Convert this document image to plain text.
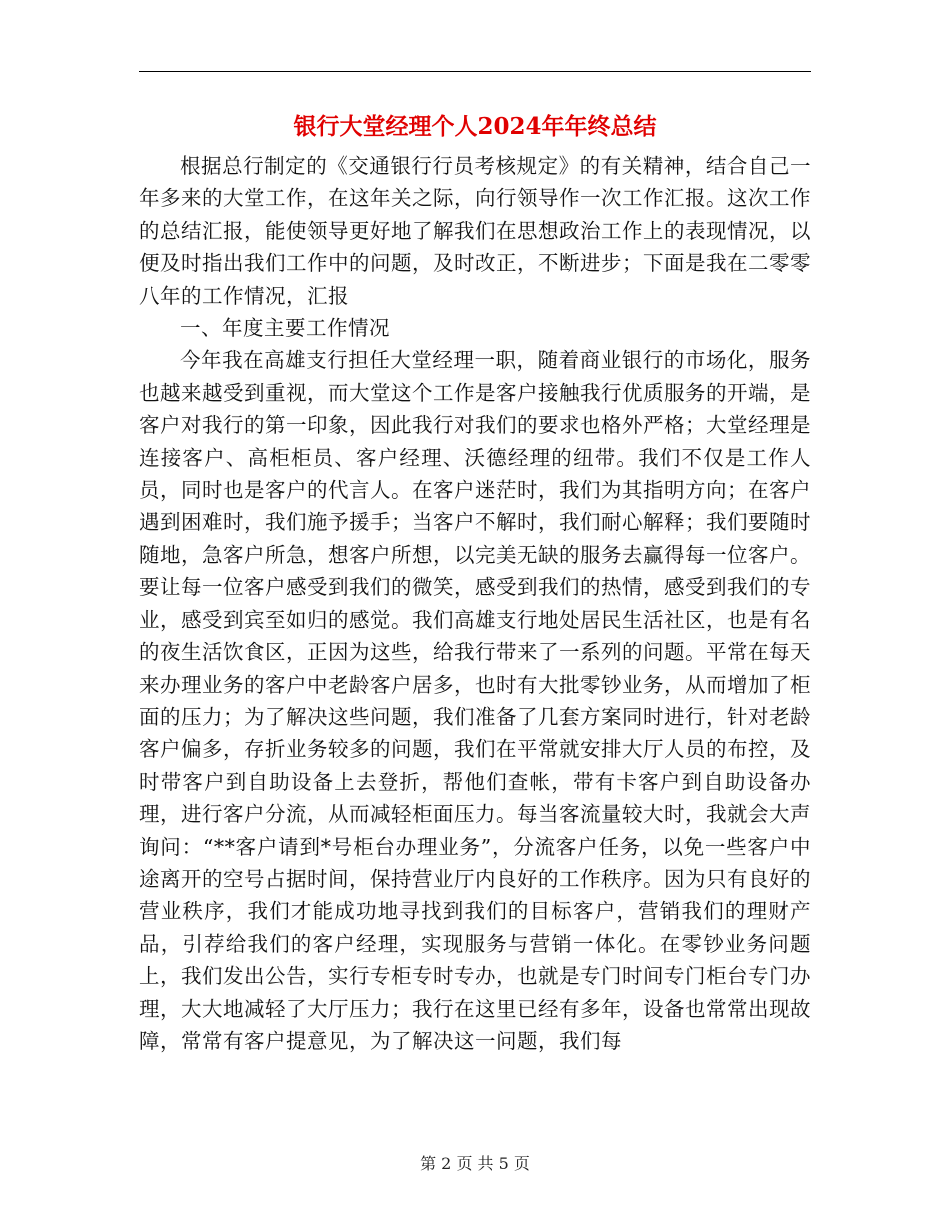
银行大堂经理个人2024年年终总结

根据总行制定的《交通银行行员考核规定》的有关精神，结合自己一年多来的大堂工作，在这年关之际，向行领导作一次工作汇报。这次工作的总结汇报，能使领导更好地了解我们在思想政治工作上的表现情况，以便及时指出我们工作中的问题，及时改正，不断进步；下面是我在二零零八年的工作情况，汇报

一、年度主要工作情况

今年我在高雄支行担任大堂经理一职，随着商业银行的市场化，服务也越来越受到重视，而大堂这个工作是客户接触我行优质服务的开端，是客户对我行的第一印象，因此我行对我们的要求也格外严格；大堂经理是连接客户、高柜柜员、客户经理、沃德经理的纽带。我们不仅是工作人员，同时也是客户的代言人。在客户迷茫时，我们为其指明方向；在客户遇到困难时，我们施予援手；当客户不解时，我们耐心解释；我们要随时随地，急客户所急，想客户所想，以完美无缺的服务去赢得每一位客户。要让每一位客户感受到我们的微笑，感受到我们的热情，感受到我们的专业，感受到宾至如归的感觉。我们高雄支行地处居民生活社区，也是有名的夜生活饮食区，正因为这些，给我行带来了一系列的问题。平常在每天来办理业务的客户中老龄客户居多，也时有大批零钞业务，从而增加了柜面的压力；为了解决这些问题，我们准备了几套方案同时进行，针对老龄客户偏多，存折业务较多的问题，我们在平常就安排大厅人员的布控，及时带客户到自助设备上去登折，帮他们查帐，带有卡客户到自助设备办理，进行客户分流，从而减轻柜面压力。每当客流量较大时，我就会大声询问：“**客户请到*号柜台办理业务”，分流客户任务，以免一些客户中途离开的空号占据时间，保持营业厅内良好的工作秩序。因为只有良好的营业秩序，我们才能成功地寻找到我们的目标客户，营销我们的理财产品，引荐给我们的客户经理，实现服务与营销一体化。在零钞业务问题上，我们发出公告，实行专柜专时专办，也就是专门时间专门柜台专门办理，大大地减轻了大厅压力；我行在这里已经有多年，设备也常常出现故障，常常有客户提意见，为了解决这一问题，我们每

第 2 页 共 5 页
